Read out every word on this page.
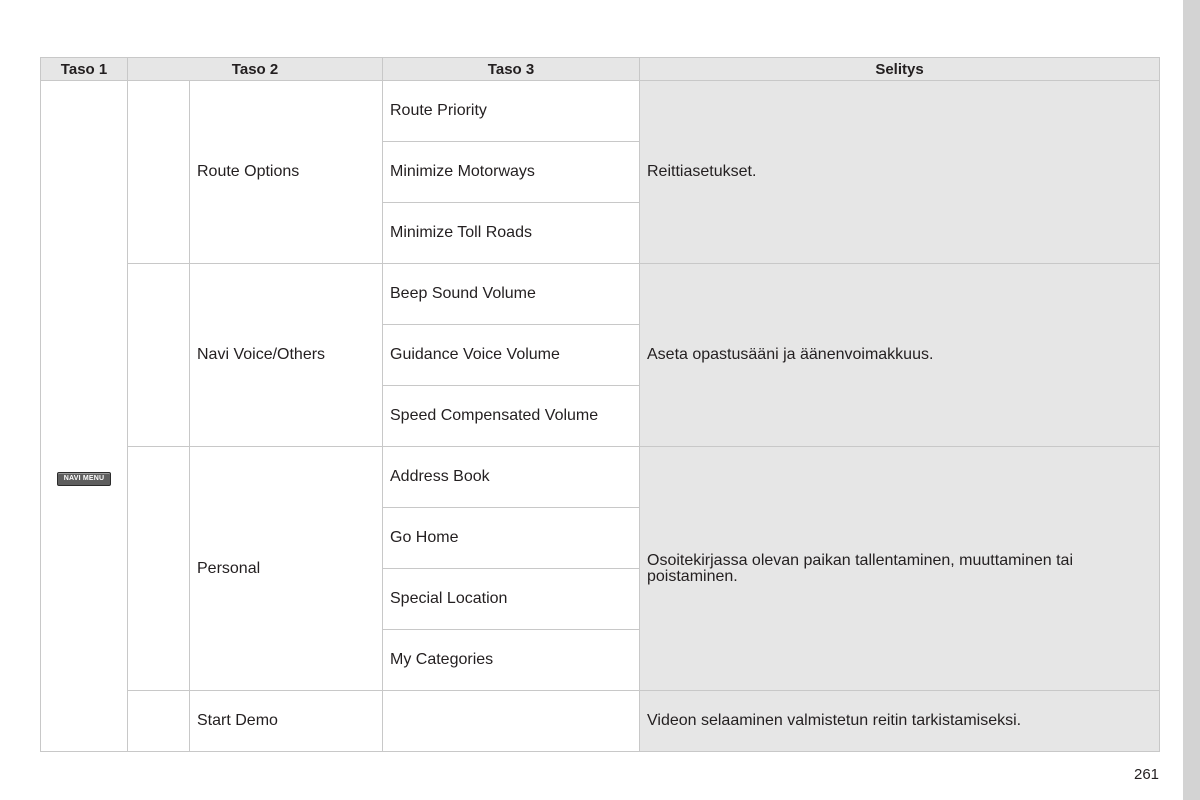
Taso 1	Taso 2		Taso 3	Selitys
NAVI MENU		Route Options	Route Priority	Reittiasetukset.
			Minimize Motorways	
			Minimize Toll Roads	
		Navi Voice/Others	Beep Sound Volume	Aseta opastusääni ja äänenvoimakkuus.
			Guidance Voice Volume	
			Speed Compensated Volume	
		Personal	Address Book	Osoitekirjassa olevan paikan tallentaminen, muuttaminen tai poistaminen.
			Go Home	
			Special Location	
			My Categories	
		Start Demo		Videon selaaminen valmistetun reitin tarkistamiseksi.
261
